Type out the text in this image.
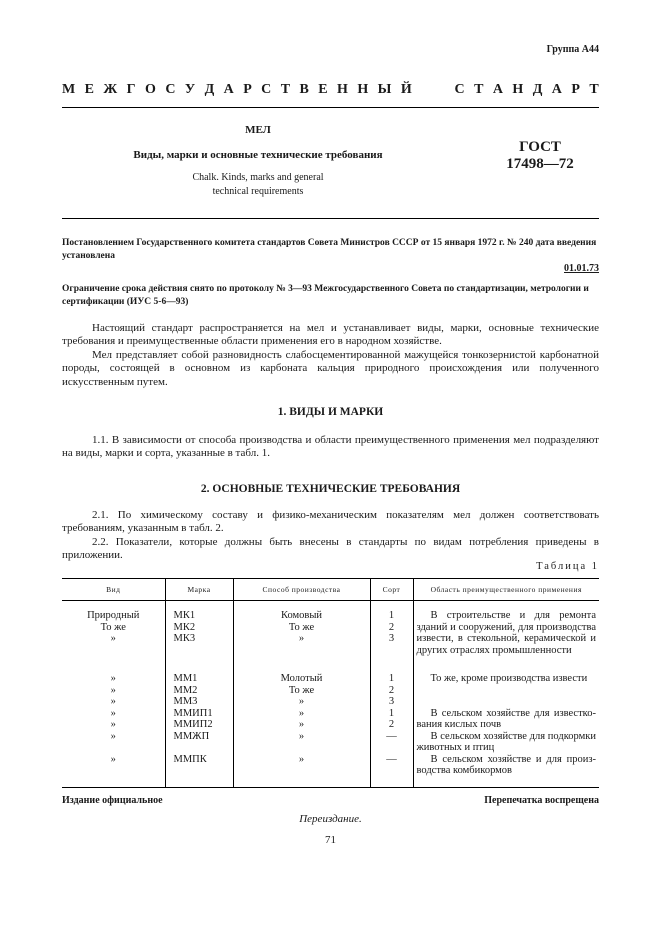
Группа А44
М Е Ж Г О С У Д А Р С Т В Е Н Н Ы Й	С Т А Н Д А Р Т
МЕЛ
Виды, марки и основные технические требования
Chalk. Kinds, marks and general
technical requirements
ГОСТ
17498—72
Постановлением Государственного комитета стандартов Совета Министров СССР от 15 января 1972 г. № 240 дата введения установлена
01.01.73
Ограничение срока действия снято по протоколу № 3—93 Межгосударственного Совета по стандартизации, метрологии и сертификации (ИУС 5-6—93)

Настоящий стандарт распространяется на мел и устанавливает виды, марки, основные технические требования и преимущественные области применения его в народном хозяйстве.

Мел представляет собой разновидность слабосцементированной мажущейся тонкозернистой карбонатной породы, состоящей в основном из карбоната кальция природного происхождения или полученного искусственным путем.

1. ВИДЫ И МАРКИ

1.1. В зависимости от способа производства и области преимущественного применения мел подразделяют на виды, марки и сорта, указанные в табл. 1.

2. ОСНОВНЫЕ ТЕХНИЧЕСКИЕ ТРЕБОВАНИЯ

2.1. По химическому составу и физико-механическим показателям мел должен соответствовать требованиям, указанным в табл. 2.

2.2. Показатели, которые должны быть внесены в стандарты по видам потребления приведены в приложении.

Таблица 1
Вид	Марка	Способ производства	Сорт	Область преимущественного применения

Природный	МК1	Комовый	1	В строительстве и для ремонта зданий и сооружений, для производства извести, в стекольной, керамической и других отраслях промышленности

То же	МК2	То же	2	
»	МК3	»	3	
»	ММ1	Молотый	1	То же, кроме производства извести

»	ММ2	То же	2	
»	ММ3	»	3	
»	ММИП1	»	1	В сельском хозяйстве для известкования кислых почв

»	ММИП2	»	2	
»	ММЖП	»	—	В сельском хозяйстве для подкормки животных и птиц

»	ММПК	»	—	В сельском хозяйстве и для производства комбикормов

Издание официальное	Перепечатка воспрещена
Переиздание.
71
